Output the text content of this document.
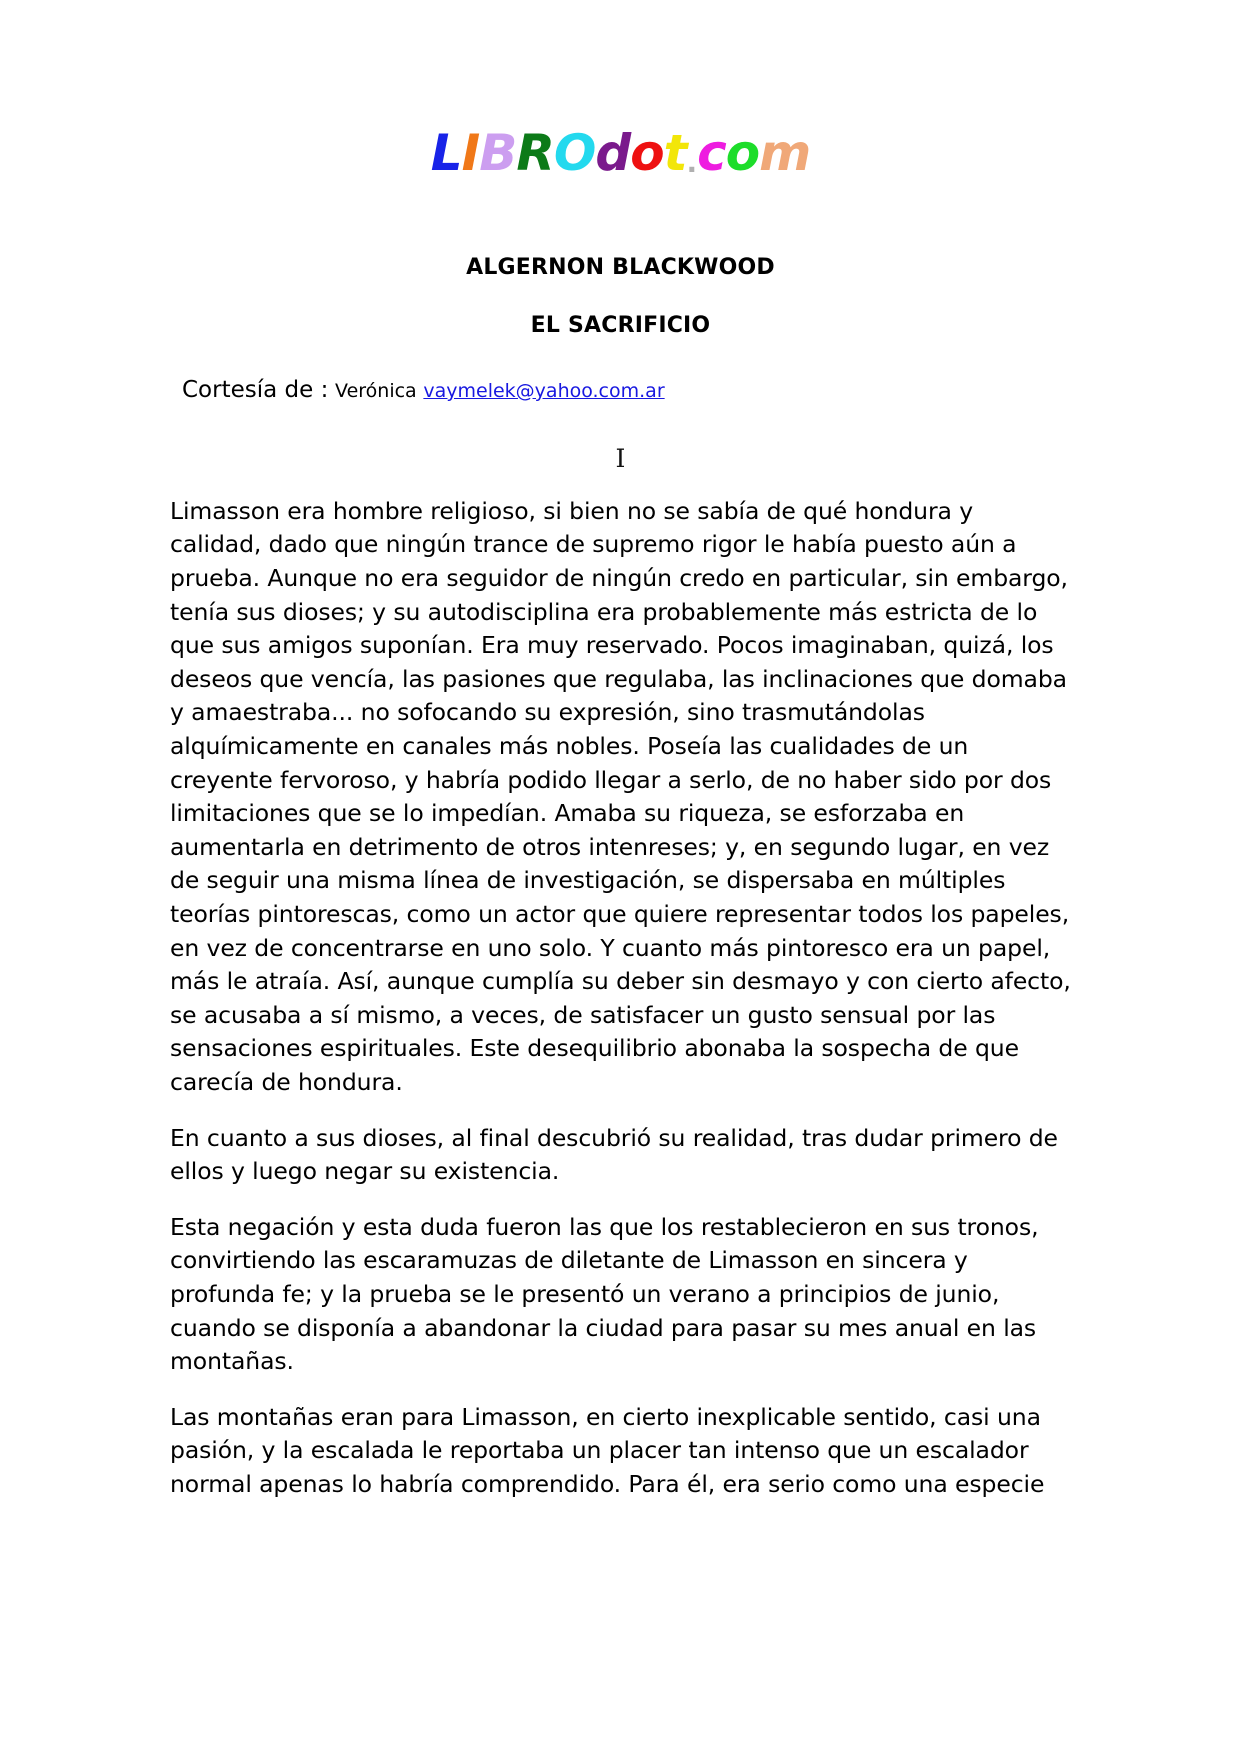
LIBROdot.com
ALGERNON BLACKWOOD
EL SACRIFICIO
Cortesía de : Verónica vaymelek@yahoo.com.ar
I

Limasson era hombre religioso, si bien no se sabía de qué hondura y calidad, dado que ningún trance de supremo rigor le había puesto aún a prueba. Aunque no era seguidor de ningún credo en particular, sin embargo, tenía sus dioses; y su autodisciplina era probablemente más estricta de lo que sus amigos suponían. Era muy reservado. Pocos imaginaban, quizá, los deseos que vencía, las pasiones que regulaba, las inclinaciones que domaba y amaestraba... no sofocando su expresión, sino trasmutándolas alquímicamente en canales más nobles. Poseía las cualidades de un creyente fervoroso, y habría podido llegar a serlo, de no haber sido por dos limitaciones que se lo impedían. Amaba su riqueza, se esforzaba en aumentarla en detrimento de otros intenreses; y, en segundo lugar, en vez de seguir una misma línea de investigación, se dispersaba en múltiples teorías pintorescas, como un actor que quiere representar todos los papeles, en vez de concentrarse en uno solo. Y cuanto más pintoresco era un papel, más le atraía. Así, aunque cumplía su deber sin desmayo y con cierto afecto, se acusaba a sí mismo, a veces, de satisfacer un gusto sensual por las sensaciones espirituales. Este desequilibrio abonaba la sospecha de que carecía de hondura.

En cuanto a sus dioses, al final descubrió su realidad, tras dudar primero de ellos y luego negar su existencia.

Esta negación y esta duda fueron las que los restablecieron en sus tronos, convirtiendo las escaramuzas de diletante de Limasson en sincera y profunda fe; y la prueba se le presentó un verano a principios de junio, cuando se disponía a abandonar la ciudad para pasar su mes anual en las montañas.

Las montañas eran para Limasson, en cierto inexplicable sentido, casi una pasión, y la escalada le reportaba un placer tan intenso que un escalador normal apenas lo habría comprendido. Para él, era serio como una especie
